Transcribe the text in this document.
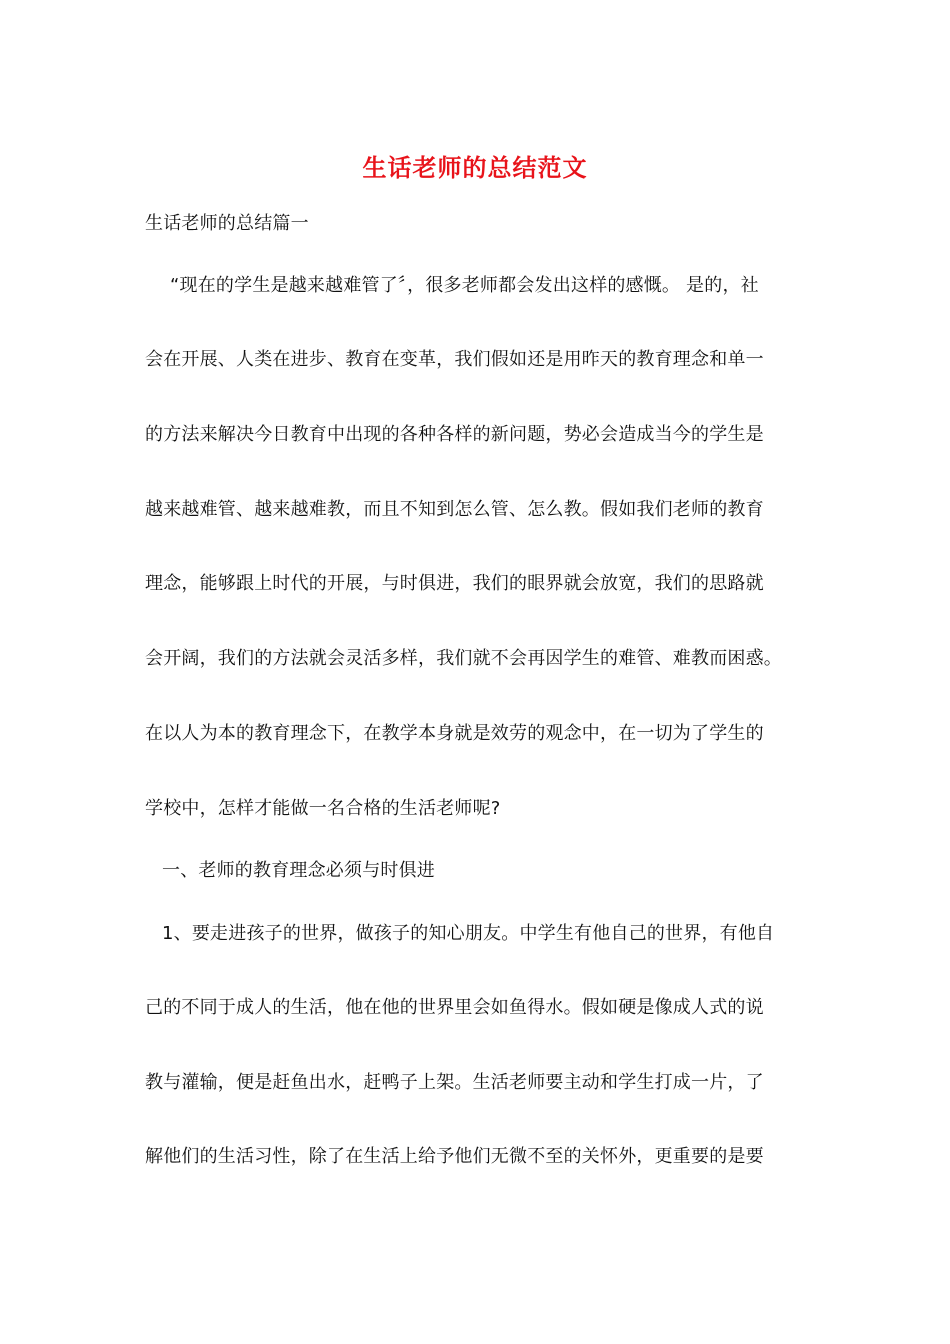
生话老师的总结范文
生话老师的总结篇一
“现在的学生是越来越难管了〞，很多老师都会发出这样的感慨。 是的，社
会在开展、人类在进步、教育在变革，我们假如还是用昨天的教育理念和单一
的方法来解决今日教育中出现的各种各样的新问题，势必会造成当今的学生是
越来越难管、越来越难教，而且不知到怎么管、怎么教。假如我们老师的教育
理念，能够跟上时代的开展，与时俱进，我们的眼界就会放宽，我们的思路就
会开阔，我们的方法就会灵活多样，我们就不会再因学生的难管、难教而困惑。
在以人为本的教育理念下，在教学本身就是效劳的观念中，在一切为了学生的
学校中，怎样才能做一名合格的生活老师呢?
一、老师的教育理念必须与时俱进
1、要走进孩子的世界，做孩子的知心朋友。中学生有他自己的世界，有他自
己的不同于成人的生活，他在他的世界里会如鱼得水。假如硬是像成人式的说
教与灌输，便是赶鱼出水，赶鸭子上架。生活老师要主动和学生打成一片，了
解他们的生活习性，除了在生活上给予他们无微不至的关怀外，更重要的是要
